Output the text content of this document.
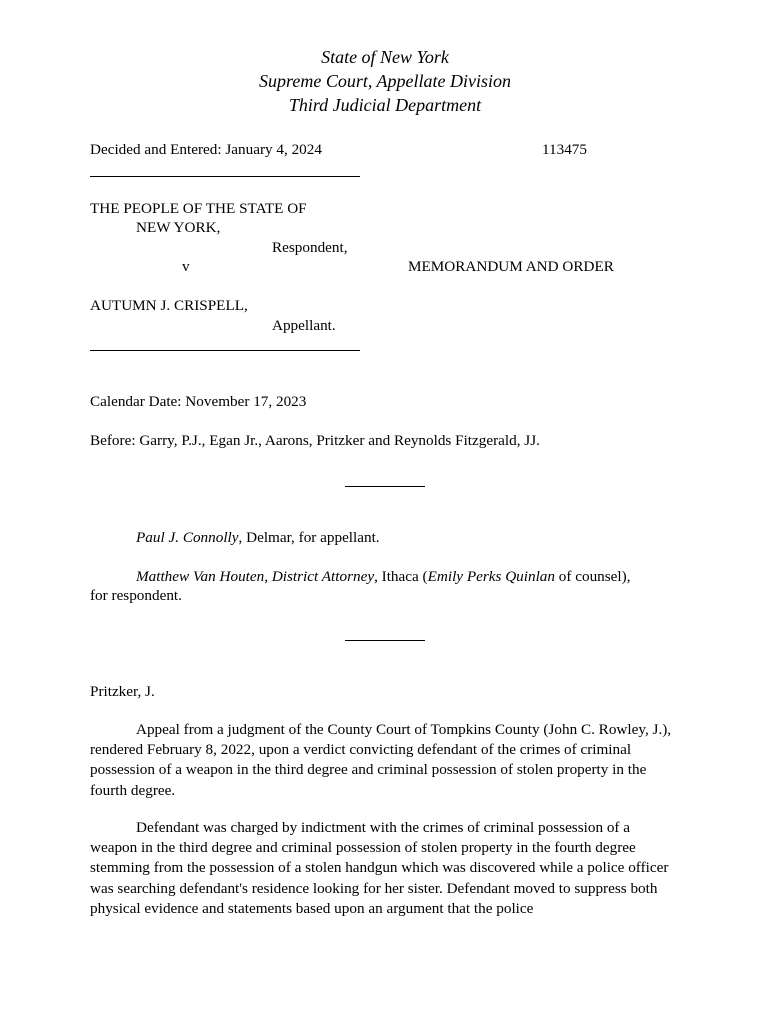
State of New York
Supreme Court, Appellate Division
Third Judicial Department
Decided and Entered: January 4, 2024	113475
THE PEOPLE OF THE STATE OF
NEW YORK,
Respondent,
v	MEMORANDUM AND ORDER
AUTUMN J. CRISPELL,
Appellant.
Calendar Date: November 17, 2023
Before: Garry, P.J., Egan Jr., Aarons, Pritzker and Reynolds Fitzgerald, JJ.
Paul J. Connolly, Delmar, for appellant.
Matthew Van Houten, District Attorney, Ithaca (Emily Perks Quinlan of counsel),
for respondent.
Pritzker, J.
Appeal from a judgment of the County Court of Tompkins County (John C. Rowley, J.), rendered February 8, 2022, upon a verdict convicting defendant of the crimes of criminal possession of a weapon in the third degree and criminal possession of stolen property in the fourth degree.
Defendant was charged by indictment with the crimes of criminal possession of a weapon in the third degree and criminal possession of stolen property in the fourth degree stemming from the possession of a stolen handgun which was discovered while a police officer was searching defendant's residence looking for her sister. Defendant moved to suppress both physical evidence and statements based upon an argument that the police
